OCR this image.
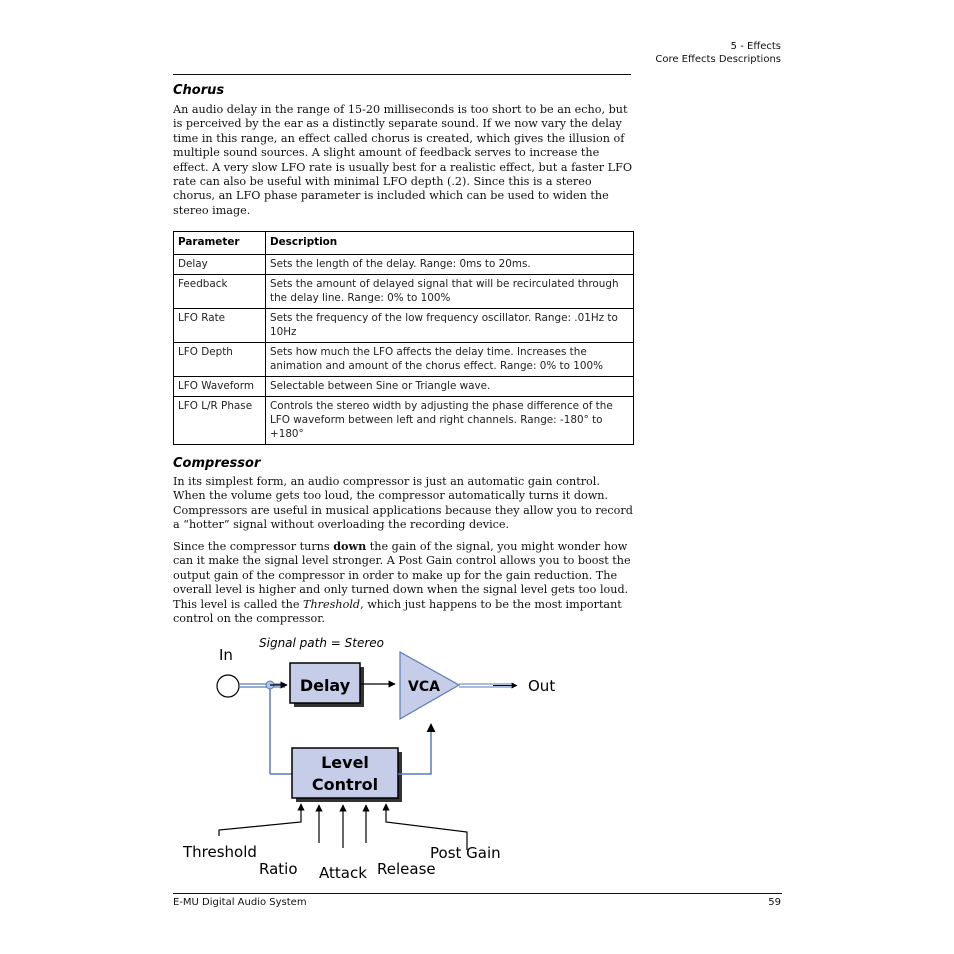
5 - Effects
Core Effects Descriptions
Chorus

An audio delay in the range of 15-20 milliseconds is too short to be an echo, but is perceived by the ear as a distinctly separate sound. If we now vary the delay time in this range, an effect called chorus is created, which gives the illusion of multiple sound sources. A slight amount of feedback serves to increase the effect. A very slow LFO rate is usually best for a realistic effect, but a faster LFO rate can also be useful with minimal LFO depth (.2). Since this is a stereo chorus, an LFO phase parameter is included which can be used to widen the stereo image.

Parameter	Description
Delay	Sets the length of the delay. Range: 0ms to 20ms.
Feedback	Sets the amount of delayed signal that will be recirculated through the delay line. Range: 0% to 100%
LFO Rate	Sets the frequency of the low frequency oscillator. Range: .01Hz to 10Hz
LFO Depth	Sets how much the LFO affects the delay time. Increases the animation and amount of the chorus effect. Range: 0% to 100%
LFO Waveform	Selectable between Sine or Triangle wave.
LFO L/R Phase	Controls the stereo width by adjusting the phase difference of the LFO waveform between left and right channels. Range: -180° to +180°
Compressor

In its simplest form, an audio compressor is just an automatic gain control. When the volume gets too loud, the compressor automatically turns it down. Compressors are useful in musical applications because they allow you to record a “hotter” signal without overloading the recording device.

Since the compressor turns down the gain of the signal, you might wonder how can it make the signal level stronger. A Post Gain control allows you to boost the output gain of the compressor in order to make up for the gain reduction. The overall level is higher and only turned down when the signal level gets too loud. This level is called the Threshold, which just happens to be the most important control on the compressor.

Signal path = Stereo
In
Delay	VCA	Out
Level
Control
Threshold
Ratio Attack Release
Post Gain
E-MU Digital Audio System	59
